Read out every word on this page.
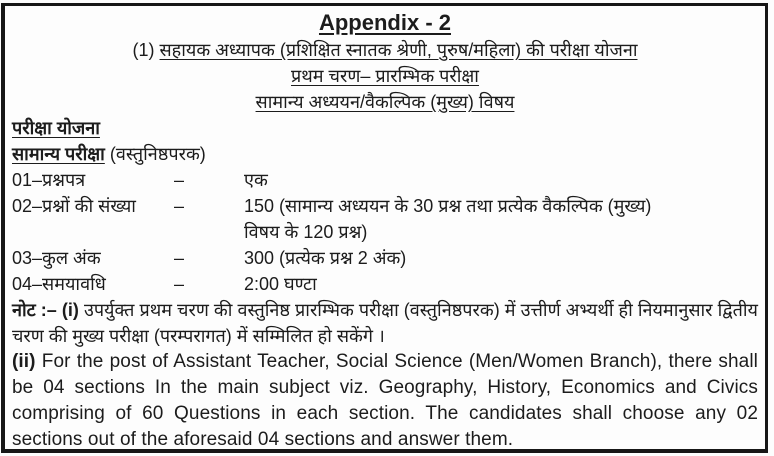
Appendix - 2
(1) सहायक अध्यापक (प्रशिक्षित स्नातक श्रेणी, पुरुष/महिला) की परीक्षा योजना
प्रथम चरण– प्रारम्भिक परीक्षा
सामान्य अध्ययन/वैकल्पिक (मुख्य) विषय
परीक्षा योजना
सामान्य परीक्षा (वस्तुनिष्ठपरक)
01–प्रश्नपत्र	–	एक
02–प्रश्नों की संख्या	–	150 (सामान्य अध्ययन के 30 प्रश्न तथा प्रत्येक वैकल्पिक (मुख्य)
विषय के 120 प्रश्न)
03–कुल अंक	–	300 (प्रत्येक प्रश्न 2 अंक)
04–समयावधि	–	2:00 घण्टा
नोट :– (i) उपर्युक्त प्रथम चरण की वस्तुनिष्ठ प्रारम्भिक परीक्षा (वस्तुनिष्ठपरक) में उत्तीर्ण अभ्यर्थी ही नियमानुसार द्वितीय चरण की मुख्य परीक्षा (परम्परागत) में सम्मिलित हो सकेंगे ।
(ii) For the post of Assistant Teacher, Social Science (Men/Women Branch), there shall be 04 sections In the main subject viz. Geography, History, Economics and Civics comprising of 60 Questions in each section. The candidates shall choose any 02 sections out of the aforesaid 04 sections and answer them.
